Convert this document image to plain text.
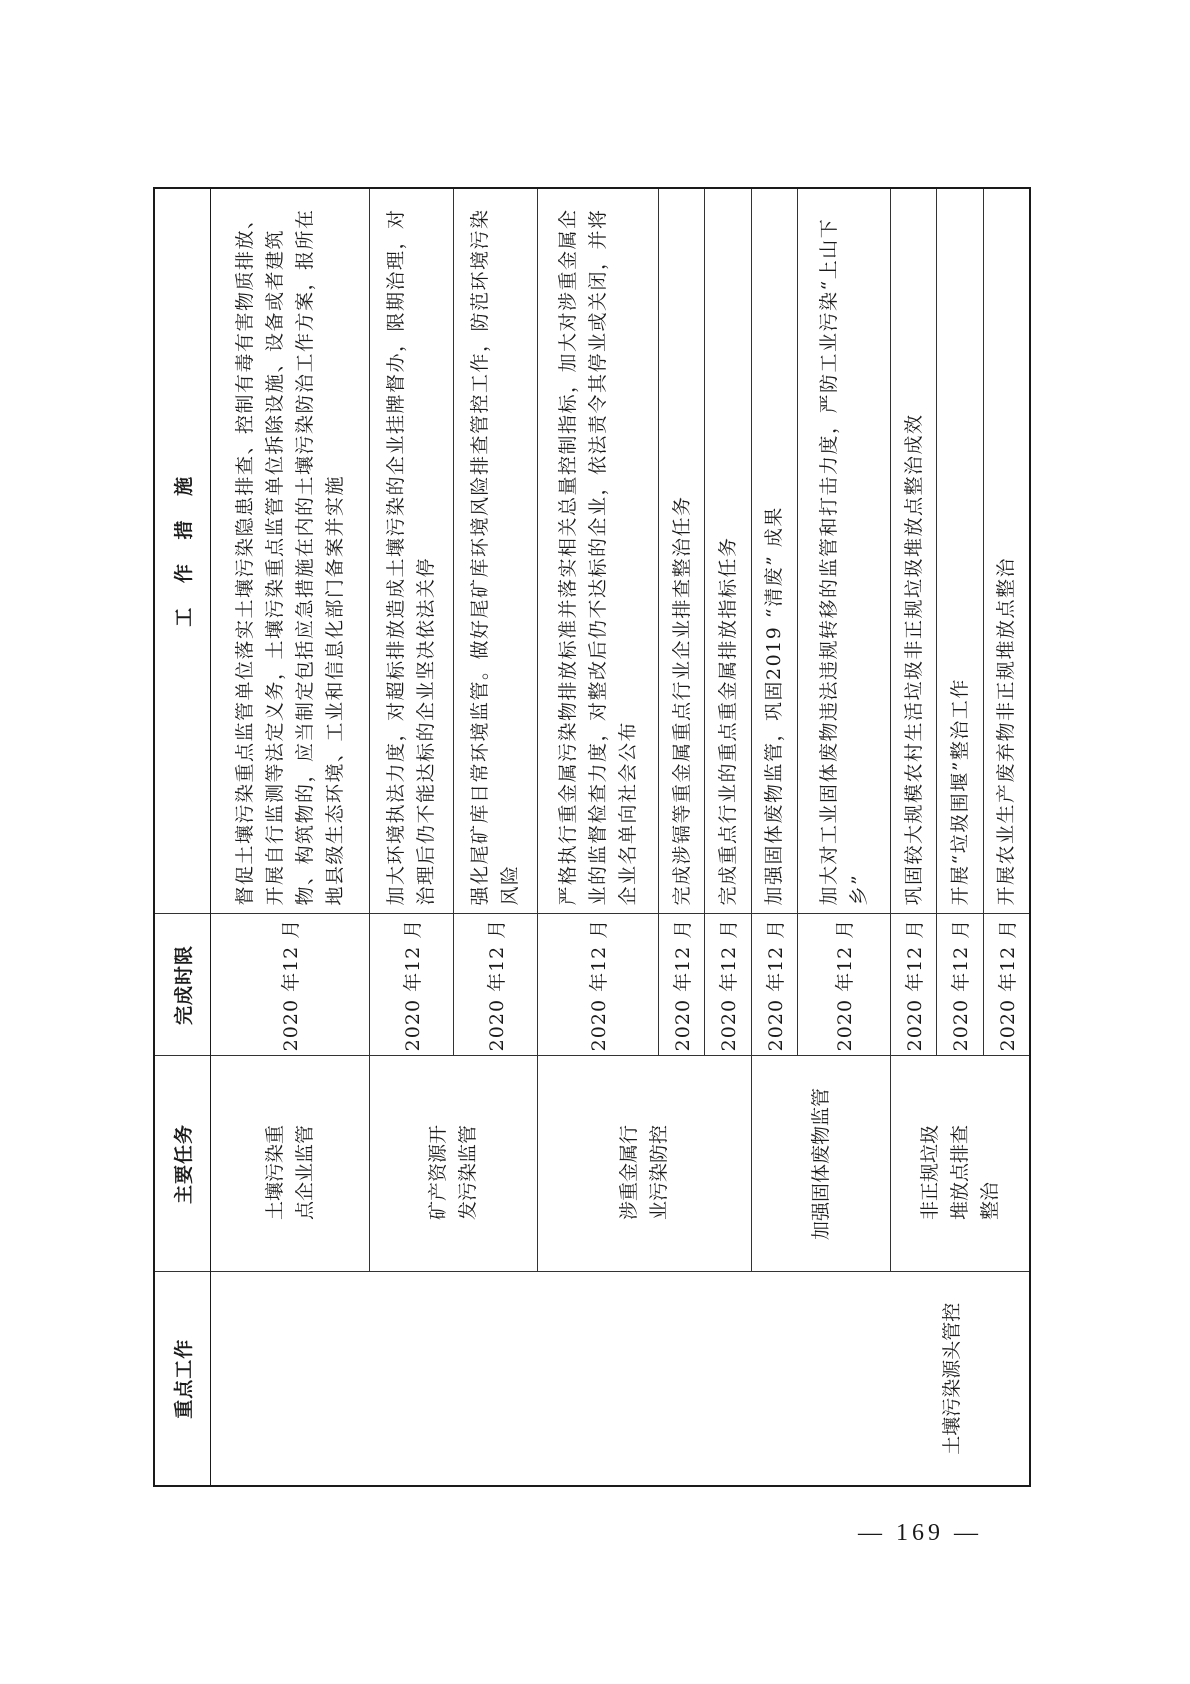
重点工作	主要任务	完成时限	工 作 措 施
土壤污染源头管控	土壤污染重点企业监管	2020 年12 月	督促土壤污染重点监管单位落实土壤污染隐患排查、控制有毒有害物质排放、开展自行监测等法定义务，土壤污染重点监管单位拆除设施、设备或者建筑物、构筑物的，应当制定包括应急措施在内的土壤污染防治工作方案，报所在地县级生态环境、工业和信息化部门备案并实施
	矿产资源开发污染监管	2020 年12 月	加大环境执法力度，对超标排放造成土壤污染的企业挂牌督办，限期治理，对治理后仍不能达标的企业坚决依法关停
		2020 年12 月	强化尾矿库日常环境监管。做好尾矿库环境风险排查管控工作，防范环境污染风险
	涉重金属行业污染防控	2020 年12 月	严格执行重金属污染物排放标准并落实相关总量控制指标，加大对涉重金属企业的监督检查力度，对整改后仍不达标的企业，依法责令其停业或关闭，并将企业名单向社会公布
		2020 年12 月	完成涉镉等重金属重点行业企业排查整治任务
		2020 年12 月	完成重点行业的重点重金属排放指标任务
	加强固体废物监管	2020 年12 月	加强固体废物监管，巩固2019 “清废” 成果
		2020 年12 月	加大对工业固体废物违法违规转移的监管和打击力度，严防工业污染“上山下乡”
	非正规垃圾堆放点排查整治	2020 年12 月	巩固较大规模农村生活垃圾非正规垃圾堆放点整治成效
		2020 年12 月	开展“垃圾围堰”整治工作
		2020 年12 月	开展农业生产废弃物非正规堆放点整治
— 169 —
